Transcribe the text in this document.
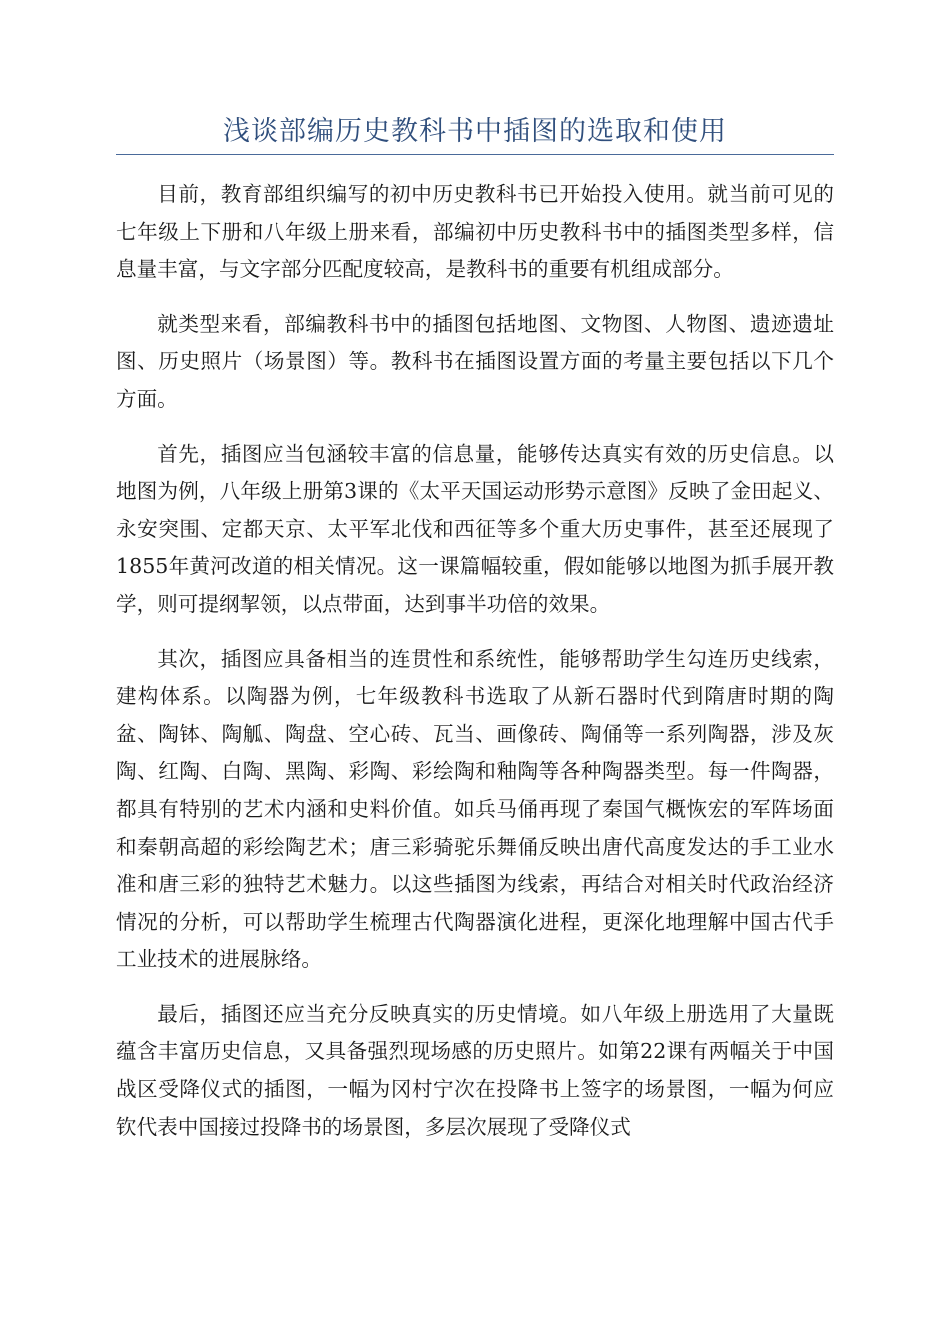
浅谈部编历史教科书中插图的选取和使用

目前，教育部组织编写的初中历史教科书已开始投入使用。就当前可见的七年级上下册和八年级上册来看，部编初中历史教科书中的插图类型多样，信息量丰富，与文字部分匹配度较高，是教科书的重要有机组成部分。

就类型来看，部编教科书中的插图包括地图、文物图、人物图、遗迹遗址图、历史照片（场景图）等。教科书在插图设置方面的考量主要包括以下几个方面。

首先，插图应当包涵较丰富的信息量，能够传达真实有效的历史信息。以地图为例，八年级上册第3课的《太平天国运动形势示意图》反映了金田起义、永安突围、定都天京、太平军北伐和西征等多个重大历史事件，甚至还展现了1855年黄河改道的相关情况。这一课篇幅较重，假如能够以地图为抓手展开教学，则可提纲挈领，以点带面，达到事半功倍的效果。

其次，插图应具备相当的连贯性和系统性，能够帮助学生勾连历史线索，建构体系。以陶器为例，七年级教科书选取了从新石器时代到隋唐时期的陶盆、陶钵、陶觚、陶盘、空心砖、瓦当、画像砖、陶俑等一系列陶器，涉及灰陶、红陶、白陶、黑陶、彩陶、彩绘陶和釉陶等各种陶器类型。每一件陶器，都具有特别的艺术内涵和史料价值。如兵马俑再现了秦国气概恢宏的军阵场面和秦朝高超的彩绘陶艺术；唐三彩骑驼乐舞俑反映出唐代高度发达的手工业水准和唐三彩的独特艺术魅力。以这些插图为线索，再结合对相关时代政治经济情况的分析，可以帮助学生梳理古代陶器演化进程，更深化地理解中国古代手工业技术的进展脉络。

最后，插图还应当充分反映真实的历史情境。如八年级上册选用了大量既蕴含丰富历史信息，又具备强烈现场感的历史照片。如第22课有两幅关于中国战区受降仪式的插图，一幅为冈村宁次在投降书上签字的场景图，一幅为何应钦代表中国接过投降书的场景图，多层次展现了受降仪式
